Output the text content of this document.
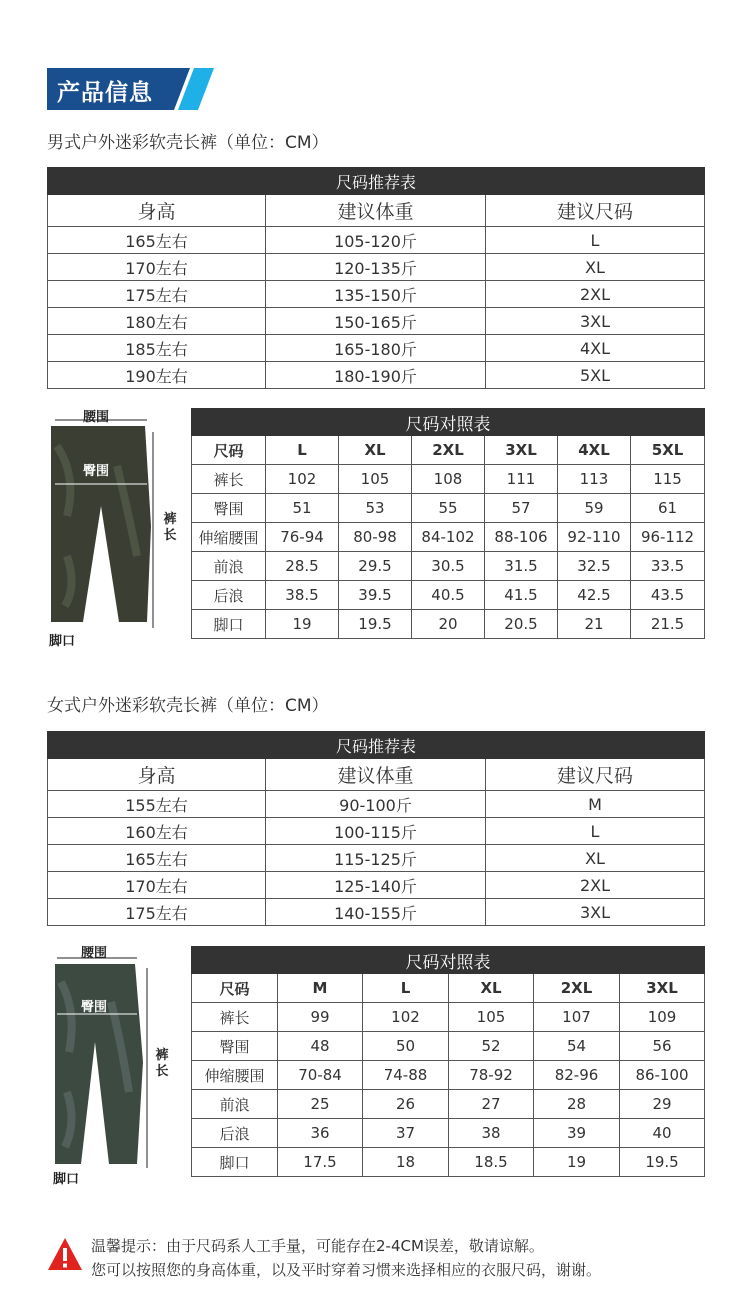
产品信息
男式户外迷彩软壳长裤（单位：CM）
尺码推荐表		
身高	建议体重	建议尺码
165左右	105-120斤	L
170左右	120-135斤	XL
175左右	135-150斤	2XL
180左右	150-165斤	3XL
185左右	165-180斤	4XL
190左右	180-190斤	5XL
腰围
臀围
裤长
脚口
尺码对照表						
尺码	L	XL	2XL	3XL	4XL	5XL
裤长	102	105	108	111	113	115
臀围	51	53	55	57	59	61
伸缩腰围	76-94	80-98	84-102	88-106	92-110	96-112
前浪	28.5	29.5	30.5	31.5	32.5	33.5
后浪	38.5	39.5	40.5	41.5	42.5	43.5
脚口	19	19.5	20	20.5	21	21.5
女式户外迷彩软壳长裤（单位：CM）
尺码推荐表		
身高	建议体重	建议尺码
155左右	90-100斤	M
160左右	100-115斤	L
165左右	115-125斤	XL
170左右	125-140斤	2XL
175左右	140-155斤	3XL
腰围
臀围
裤长
脚口
尺码对照表					
尺码	M	L	XL	2XL	3XL
裤长	99	102	105	107	109
臀围	48	50	52	54	56
伸缩腰围	70-84	74-88	78-92	82-96	86-100
前浪	25	26	27	28	29
后浪	36	37	38	39	40
脚口	17.5	18	18.5	19	19.5
温馨提示：由于尺码系人工手量，可能存在2-4CM误差，敬请谅解。
您可以按照您的身高体重，以及平时穿着习惯来选择相应的衣服尺码，谢谢。
